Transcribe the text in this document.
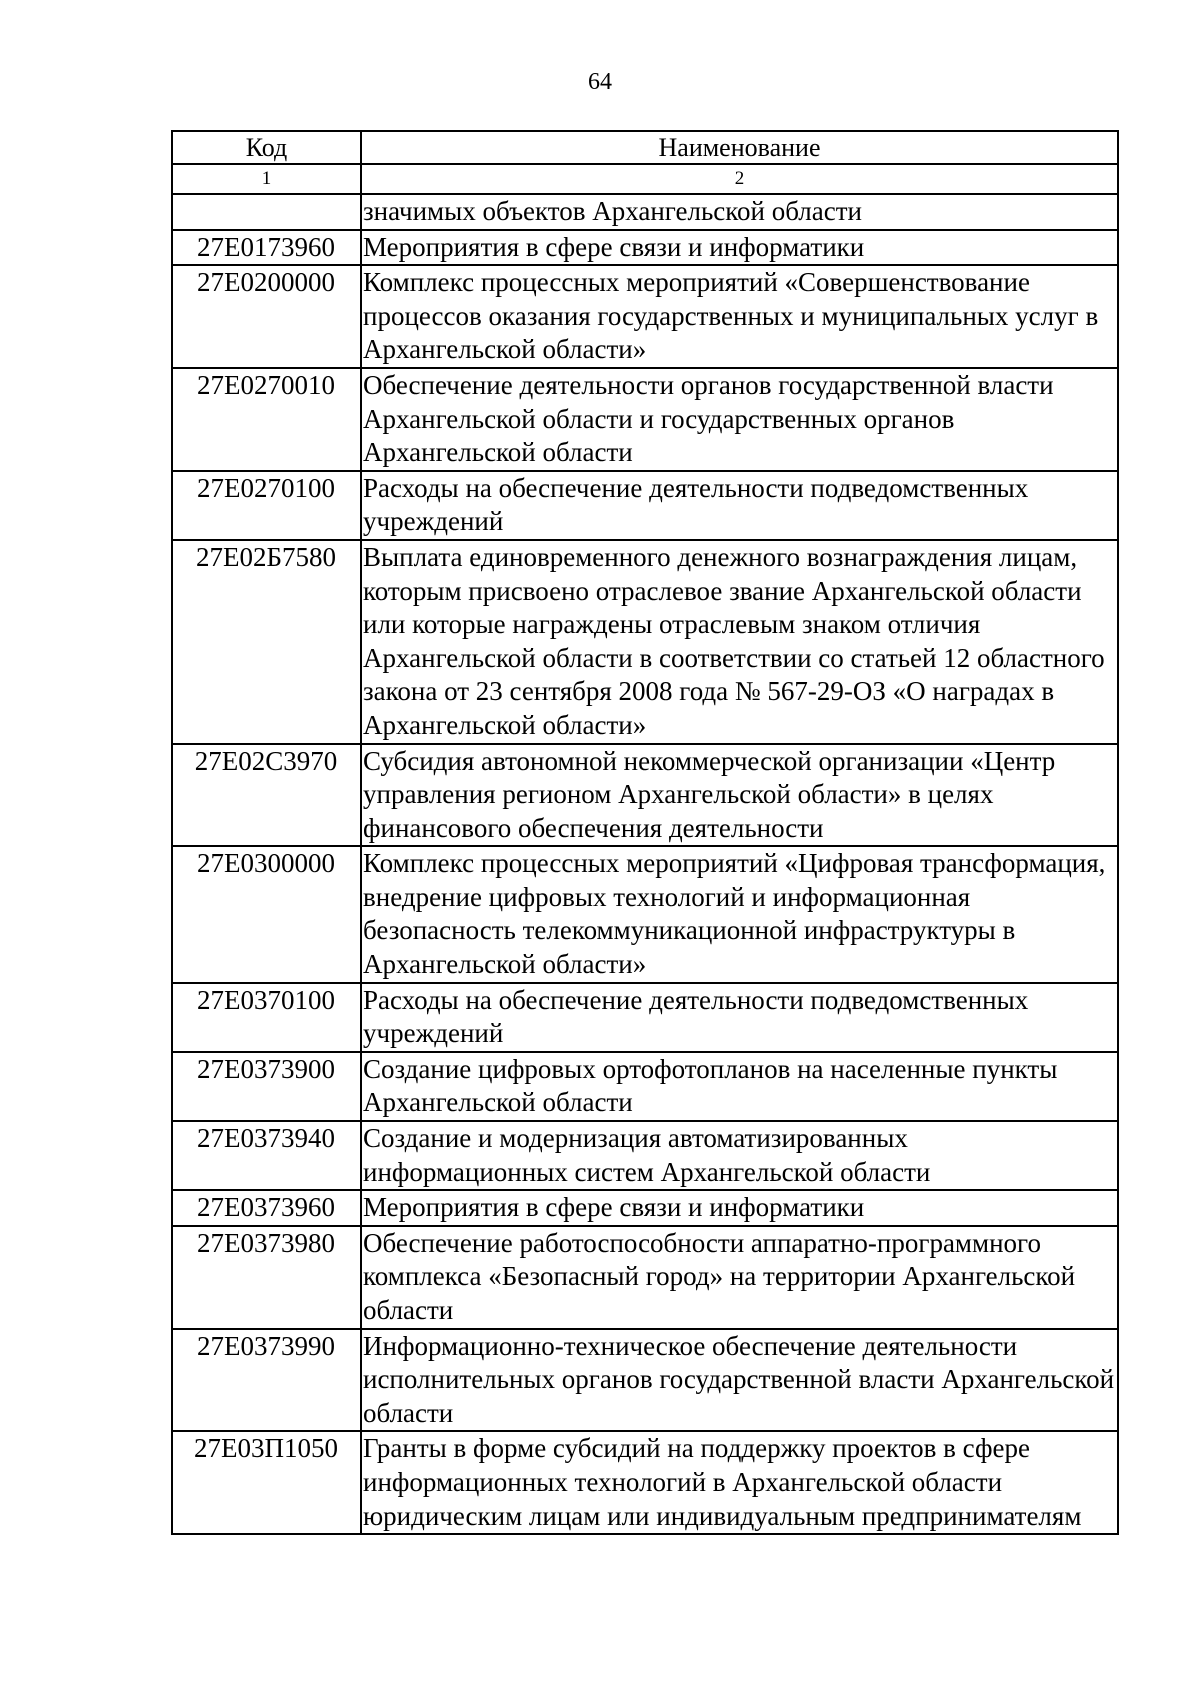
64
Код	Наименование
1	2
	значимых объектов Архангельской области
27Е0173960	Мероприятия в сфере связи и информатики
27Е0200000	Комплекс процессных мероприятий «Совершенствование процессов оказания государственных и муниципальных услуг в Архангельской области»
27Е0270010	Обеспечение деятельности органов государственной власти Архангельской области и государственных органов Архангельской области
27Е0270100	Расходы на обеспечение деятельности подведомственных учреждений
27Е02Б7580	Выплата единовременного денежного вознаграждения лицам, которым присвоено отраслевое звание Архангельской области или которые награждены отраслевым знаком отличия Архангельской области в соответствии со статьей 12 областного закона от 23 сентября 2008 года № 567-29-ОЗ «О наградах в Архангельской области»
27Е02С3970	Субсидия автономной некоммерческой организации «Центр управления регионом Архангельской области» в целях финансового обеспечения деятельности
27Е0300000	Комплекс процессных мероприятий «Цифровая трансформация, внедрение цифровых технологий и информационная безопасность телекоммуникационной инфраструктуры в Архангельской области»
27Е0370100	Расходы на обеспечение деятельности подведомственных учреждений
27Е0373900	Создание цифровых ортофотопланов на населенные пункты Архангельской области
27Е0373940	Создание и модернизация автоматизированных информационных систем Архангельской области
27Е0373960	Мероприятия в сфере связи и информатики
27Е0373980	Обеспечение работоспособности аппаратно-программного комплекса «Безопасный город» на территории Архангельской области
27Е0373990	Информационно-техническое обеспечение деятельности исполнительных органов государственной власти Архангельской области
27Е03П1050	Гранты в форме субсидий на поддержку проектов в сфере информационных технологий в Архангельской области юридическим лицам или индивидуальным предпринимателям
